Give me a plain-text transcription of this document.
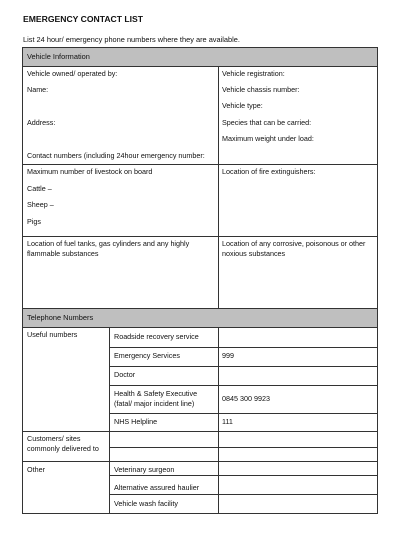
EMERGENCY CONTACT LIST
List 24 hour/ emergency phone numbers where they are available.
Vehicle Information
Vehicle owned/ operated by:
Name:
Address:
Contact numbers (including 24hour emergency number:
Vehicle registration:
Vehicle chassis number:
Vehicle type:
Species that can be carried:
Maximum weight under load:
Maximum number of livestock on board
Cattle –
Sheep –
Pigs
Location of fire extinguishers:
Location of fuel tanks, gas cylinders and any highly
flammable substances
Location of any corrosive, poisonous or other
noxious substances
Telephone Numbers
Useful numbers
Customers/ sites
commonly delivered to
Other
Roadside recovery service
Emergency Services
Doctor
Health & Safety Executive
(fatal/ major incident line)
NHS Helpline
Veterinary surgeon
Alternative assured haulier
Vehicle wash facility
999
0845 300 9923
111
